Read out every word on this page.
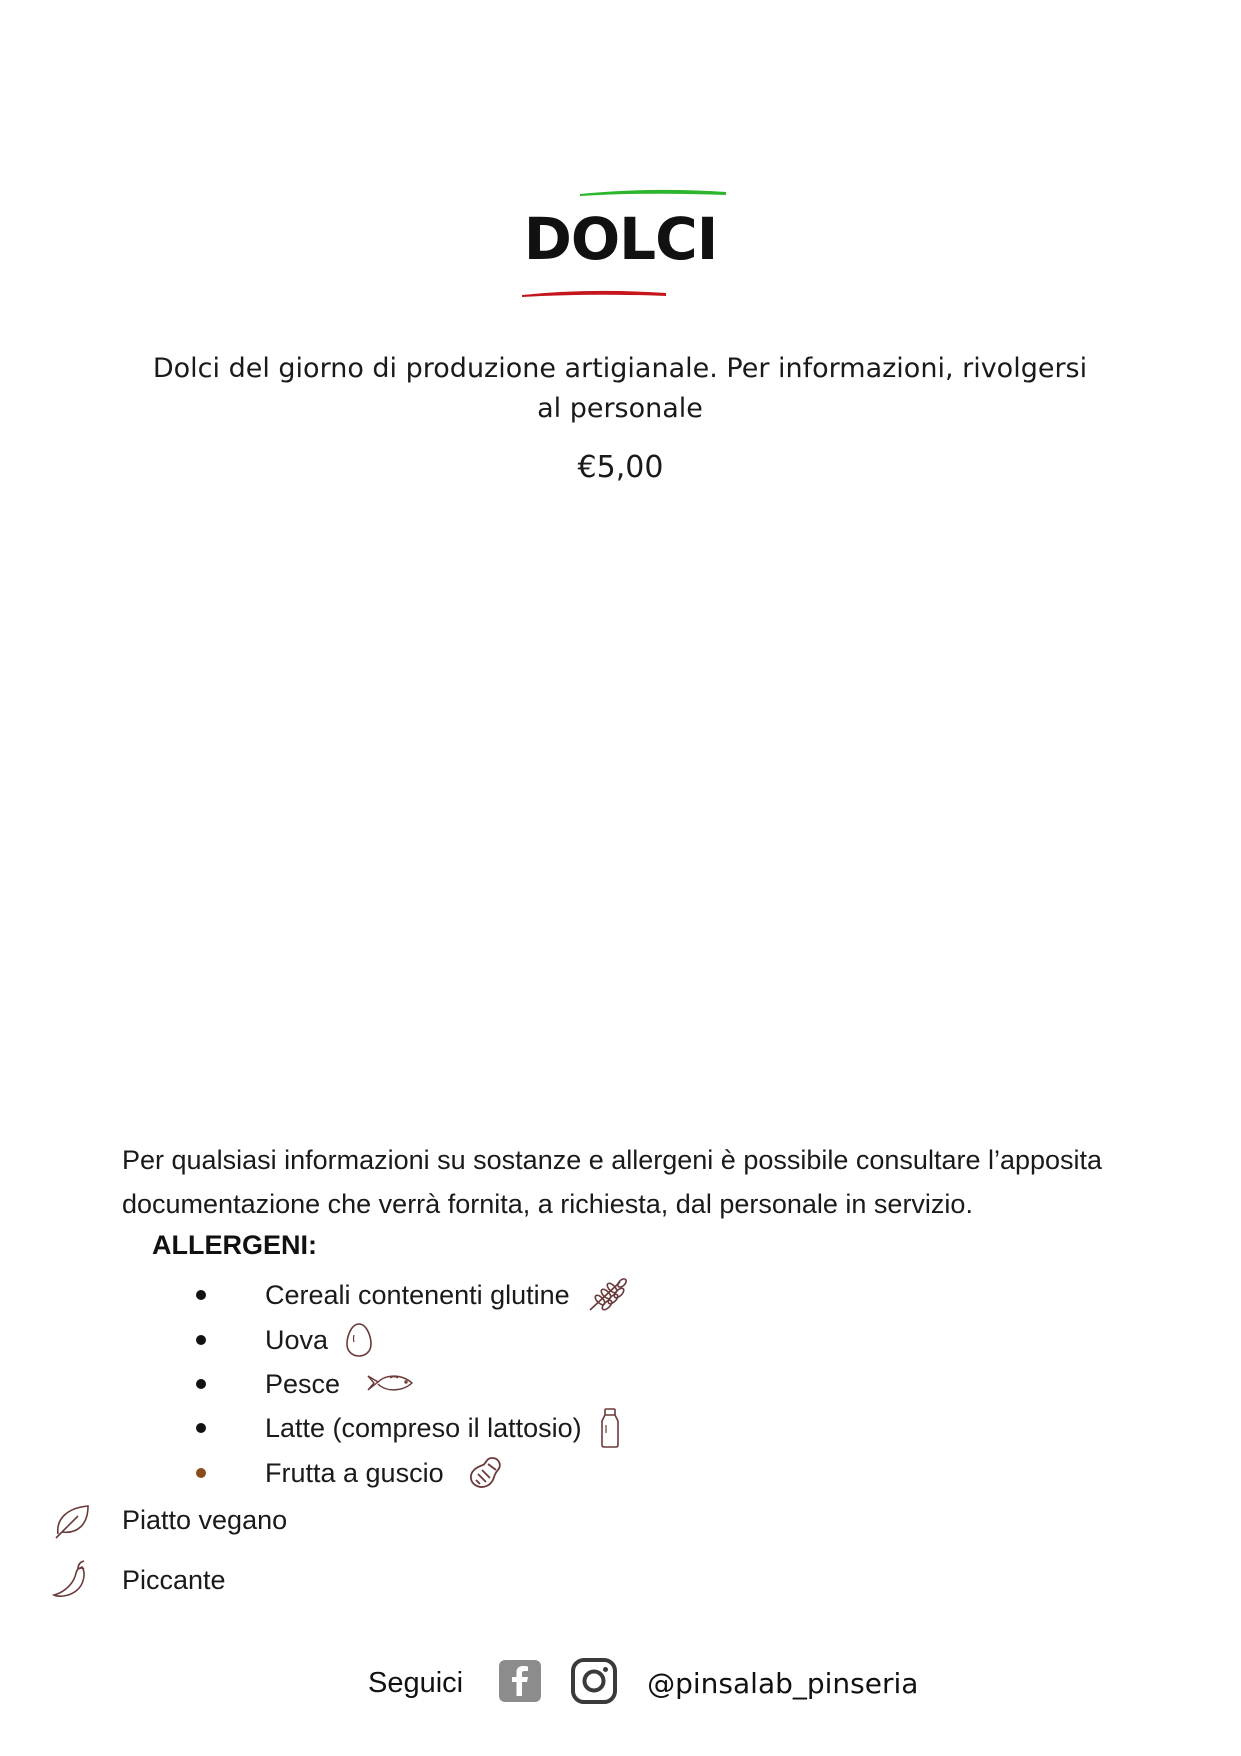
DOLCI
Dolci del giorno di produzione artigianale. Per informazioni, rivolgersi al personale
€5,00
Per qualsiasi informazioni su sostanze e allergeni è possibile consultare l’apposita documentazione che verrà fornita, a richiesta, dal personale in servizio.
ALLERGENI:
Cereali contenenti glutine
Uova
Pesce
Latte (compreso il lattosio)
Frutta a guscio
Piatto vegano
Piccante
Seguici	@pinsalab_pinseria
